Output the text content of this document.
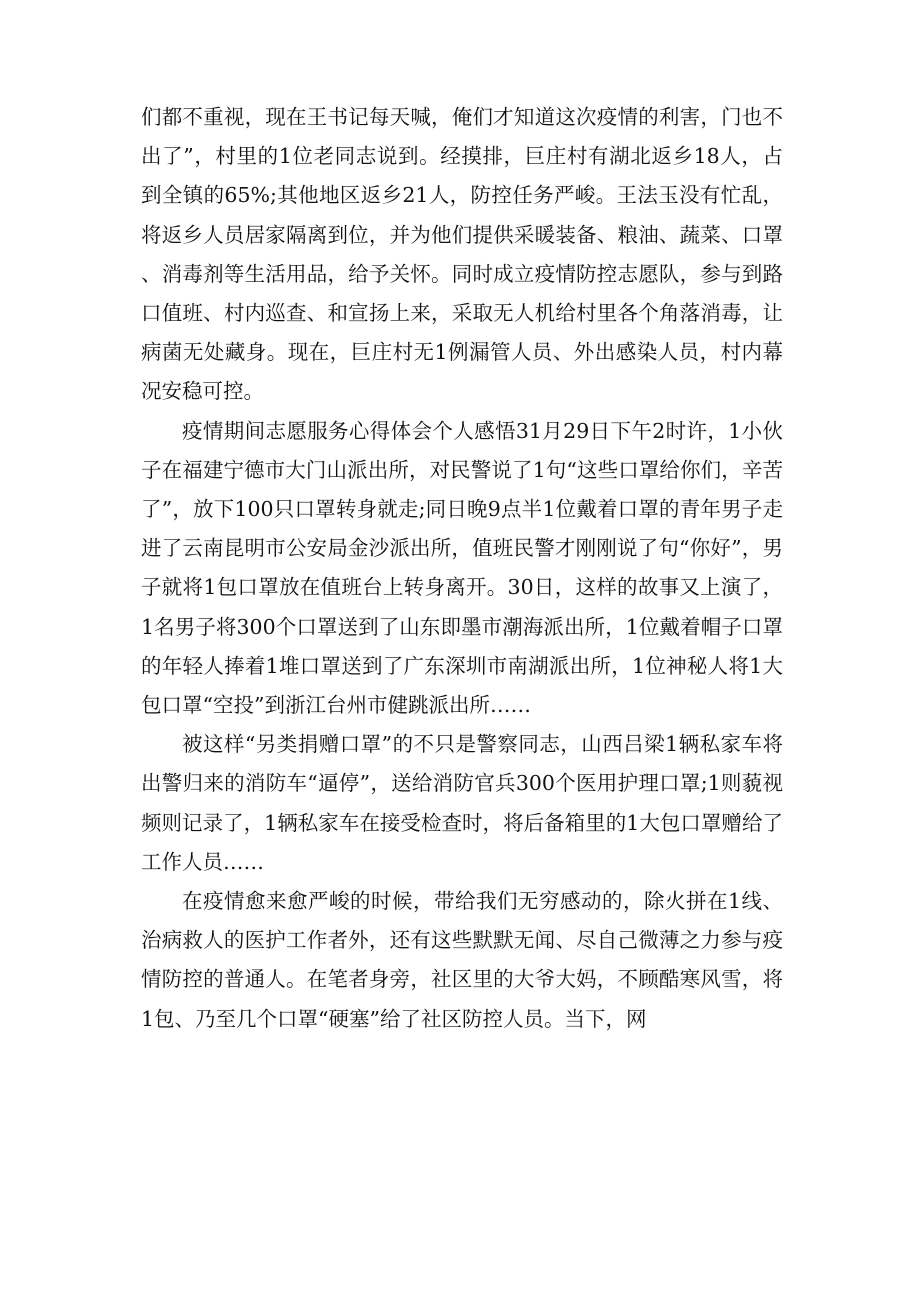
们都不重视，现在王书记每天喊，俺们才知道这次疫情的利害，门也不出了”，村里的1位老同志说到。经摸排，巨庄村有湖北返乡18人，占到全镇的65%;其他地区返乡21人，防控任务严峻。王法玉没有忙乱，将返乡人员居家隔离到位，并为他们提供采暖装备、粮油、蔬菜、口罩、消毒剂等生活用品，给予关怀。同时成立疫情防控志愿队，参与到路口值班、村内巡查、和宣扬上来，采取无人机给村里各个角落消毒，让病菌无处藏身。现在，巨庄村无1例漏管人员、外出感染人员，村内幕况安稳可控。

疫情期间志愿服务心得体会个人感悟31月29日下午2时许，1小伙子在福建宁德市大门山派出所，对民警说了1句“这些口罩给你们，辛苦了”，放下100只口罩转身就走;同日晚9点半1位戴着口罩的青年男子走进了云南昆明市公安局金沙派出所，值班民警才刚刚说了句“你好”，男子就将1包口罩放在值班台上转身离开。30日，这样的故事又上演了，1名男子将300个口罩送到了山东即墨市潮海派出所，1位戴着帽子口罩的年轻人捧着1堆口罩送到了广东深圳市南湖派出所，1位神秘人将1大包口罩“空投”到浙江台州市健跳派出所……

被这样“另类捐赠口罩”的不只是警察同志，山西吕梁1辆私家车将出警归来的消防车“逼停”，送给消防官兵300个医用护理口罩;1则藐视频则记录了，1辆私家车在接受检查时，将后备箱里的1大包口罩赠给了工作人员……

在疫情愈来愈严峻的时候，带给我们无穷感动的，除火拼在1线、治病救人的医护工作者外，还有这些默默无闻、尽自己微薄之力参与疫情防控的普通人。在笔者身旁，社区里的大爷大妈，不顾酷寒风雪，将1包、乃至几个口罩“硬塞”给了社区防控人员。当下，网
